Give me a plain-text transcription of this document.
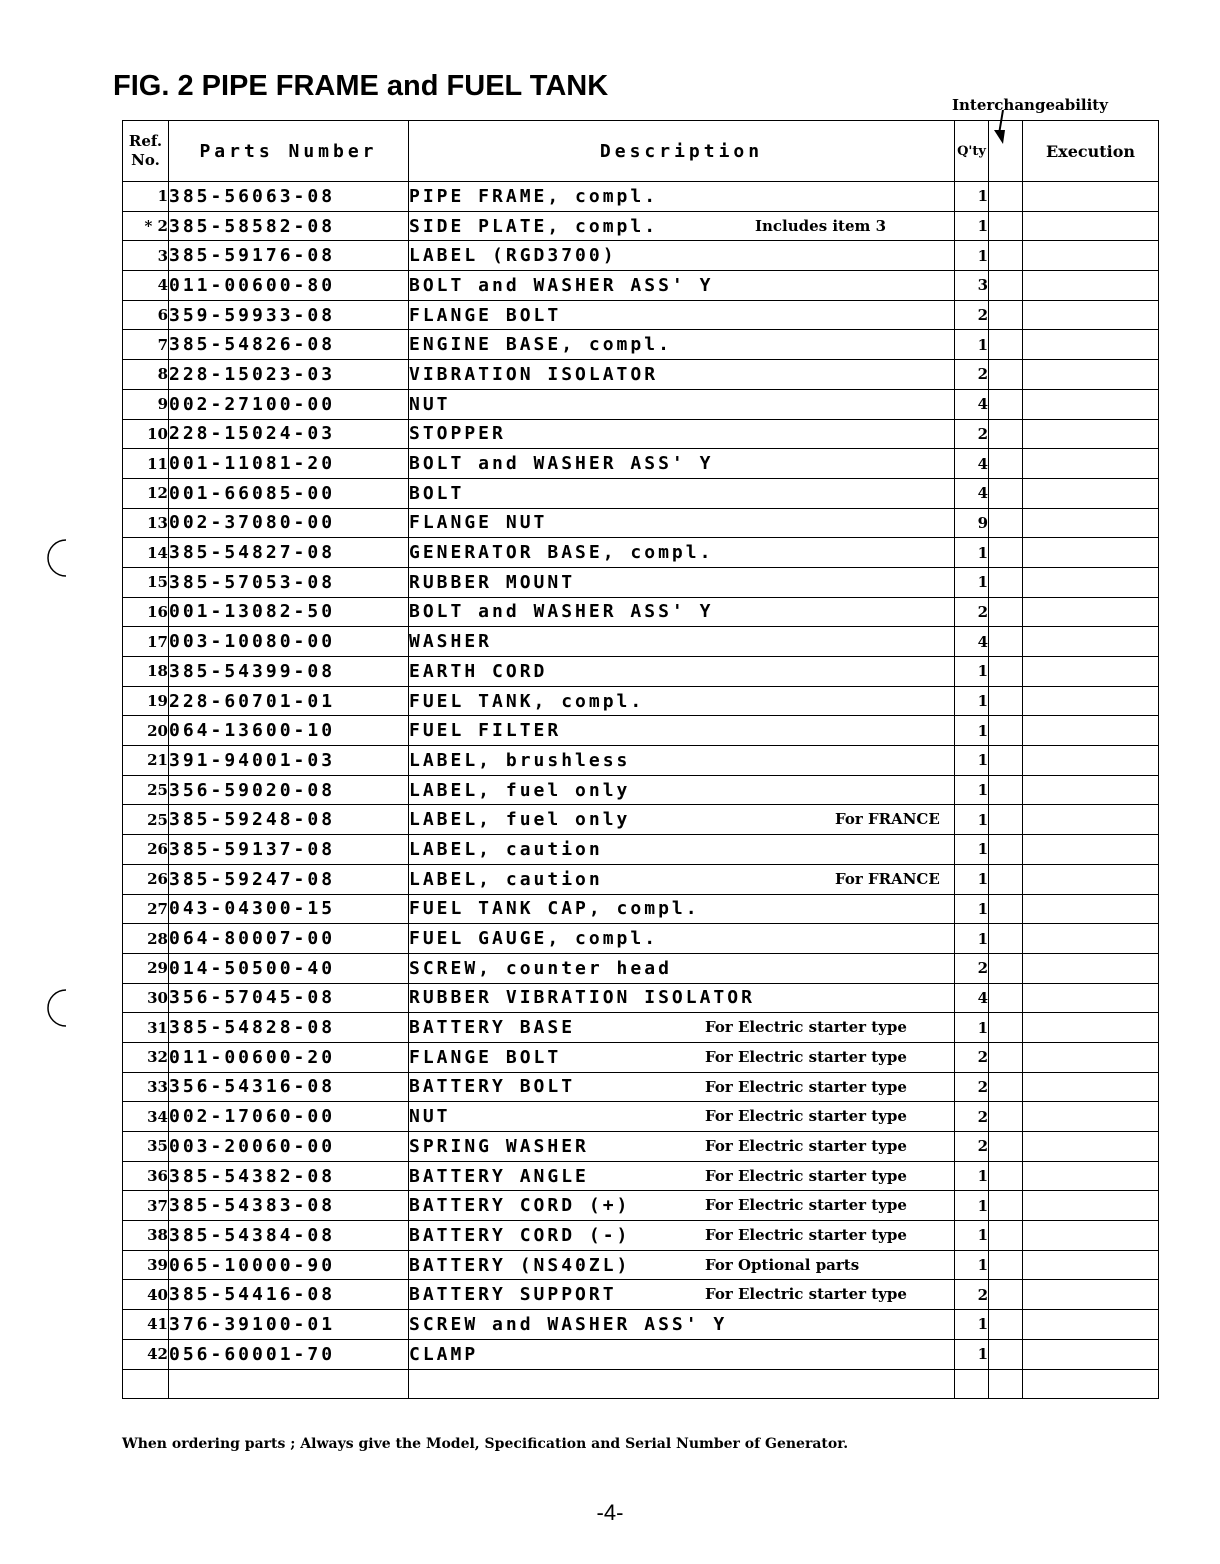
FIG. 2 PIPE FRAME and FUEL TANK
Interchangeability
Ref.
No.	Parts Number	Description	Q'ty		Execution
1	385-56063-08	PIPE FRAME, compl.	1		
* 2	385-58582-08	SIDE PLATE, compl. Includes item 3	1		
3	385-59176-08	LABEL (RGD3700)	1		
4	011-00600-80	BOLT and WASHER ASS' Y	3		
6	359-59933-08	FLANGE BOLT	2		
7	385-54826-08	ENGINE BASE, compl.	1		
8	228-15023-03	VIBRATION ISOLATOR	2		
9	002-27100-00	NUT	4		
10	228-15024-03	STOPPER	2		
11	001-11081-20	BOLT and WASHER ASS' Y	4		
12	001-66085-00	BOLT	4		
13	002-37080-00	FLANGE NUT	9		
14	385-54827-08	GENERATOR BASE, compl.	1		
15	385-57053-08	RUBBER MOUNT	1		
16	001-13082-50	BOLT and WASHER ASS' Y	2		
17	003-10080-00	WASHER	4		
18	385-54399-08	EARTH CORD	1		
19	228-60701-01	FUEL TANK, compl.	1		
20	064-13600-10	FUEL FILTER	1		
21	391-94001-03	LABEL, brushless	1		
25	356-59020-08	LABEL, fuel only	1		
25	385-59248-08	LABEL, fuel only For FRANCE	1		
26	385-59137-08	LABEL, caution	1		
26	385-59247-08	LABEL, caution For FRANCE	1		
27	043-04300-15	FUEL TANK CAP, compl.	1		
28	064-80007-00	FUEL GAUGE, compl.	1		
29	014-50500-40	SCREW, counter head	2		
30	356-57045-08	RUBBER VIBRATION ISOLATOR	4		
31	385-54828-08	BATTERY BASE For Electric starter type	1		
32	011-00600-20	FLANGE BOLT For Electric starter type	2		
33	356-54316-08	BATTERY BOLT For Electric starter type	2		
34	002-17060-00	NUT For Electric starter type	2		
35	003-20060-00	SPRING WASHER For Electric starter type	2		
36	385-54382-08	BATTERY ANGLE For Electric starter type	1		
37	385-54383-08	BATTERY CORD (+) For Electric starter type	1		
38	385-54384-08	BATTERY CORD (-) For Electric starter type	1		
39	065-10000-90	BATTERY (NS40ZL) For Optional parts	1		
40	385-54416-08	BATTERY SUPPORT For Electric starter type	2		
41	376-39100-01	SCREW and WASHER ASS' Y	1		
42	056-60001-70	CLAMP	1		

When ordering parts ; Always give the Model, Specification and Serial Number of Generator.
-4-
